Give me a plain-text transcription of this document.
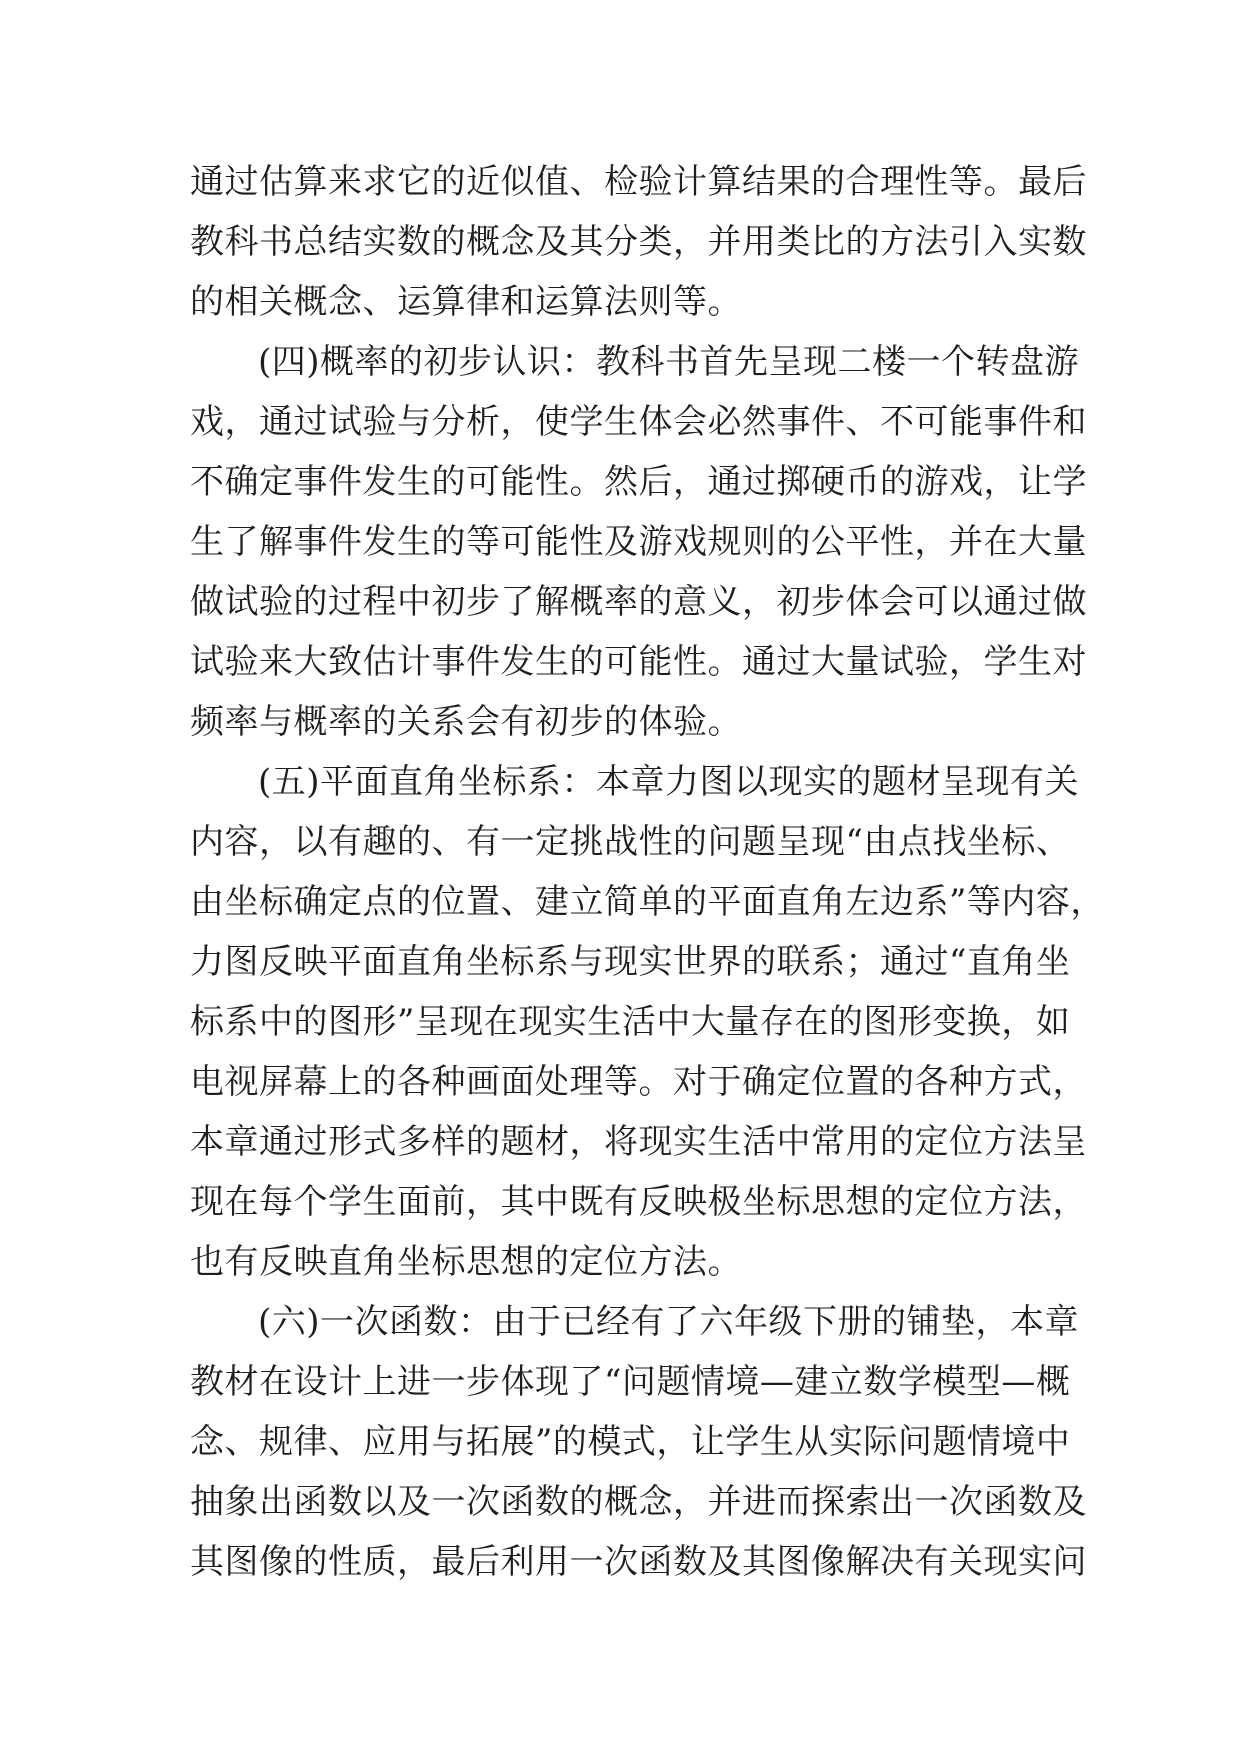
通过估算来求它的近似值、检验计算结果的合理性等。最后
教科书总结实数的概念及其分类，并用类比的方法引入实数
的相关概念、运算律和运算法则等。
(四)概率的初步认识：教科书首先呈现二楼一个转盘游
戏，通过试验与分析，使学生体会必然事件、不可能事件和
不确定事件发生的可能性。然后，通过掷硬币的游戏，让学
生了解事件发生的等可能性及游戏规则的公平性，并在大量
做试验的过程中初步了解概率的意义，初步体会可以通过做
试验来大致估计事件发生的可能性。通过大量试验，学生对
频率与概率的关系会有初步的体验。
(五)平面直角坐标系：本章力图以现实的题材呈现有关
内容，以有趣的、有一定挑战性的问题呈现“由点找坐标、
由坐标确定点的位置、建立简单的平面直角左边系”等内容，
力图反映平面直角坐标系与现实世界的联系；通过“直角坐
标系中的图形”呈现在现实生活中大量存在的图形变换，如
电视屏幕上的各种画面处理等。对于确定位置的各种方式，
本章通过形式多样的题材，将现实生活中常用的定位方法呈
现在每个学生面前，其中既有反映极坐标思想的定位方法，
也有反映直角坐标思想的定位方法。
(六)一次函数：由于已经有了六年级下册的铺垫，本章
教材在设计上进一步体现了“问题情境—建立数学模型—概
念、规律、应用与拓展”的模式，让学生从实际问题情境中
抽象出函数以及一次函数的概念，并进而探索出一次函数及
其图像的性质，最后利用一次函数及其图像解决有关现实问
